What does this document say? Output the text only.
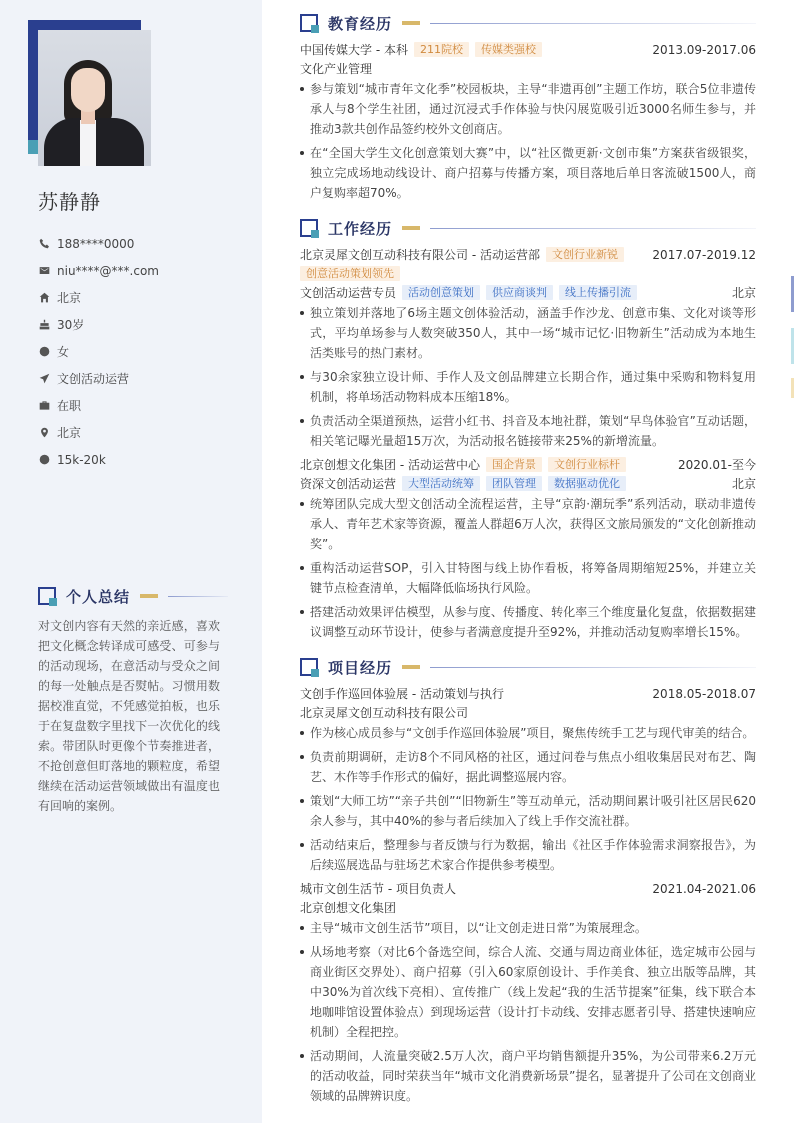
苏静静
188****0000
niu****@***.com
北京
30岁
女
文创活动运营
在职
北京
15k-20k
个人总结
对文创内容有天然的亲近感，喜欢把文化概念转译成可感受、可参与的活动现场，在意活动与受众之间的每一处触点是否熨帖。习惯用数据校准直觉，不凭感觉拍板，也乐于在复盘数字里找下一次优化的线索。带团队时更像个节奏推进者，不抢创意但盯落地的颗粒度，希望继续在活动运营领域做出有温度也有回响的案例。
教育经历
中国传媒大学 - 本科	211院校	传媒类强校	2013.09-2017.06
文化产业管理
参与策划“城市青年文化季”校园板块，主导“非遗再创”主题工作坊，联合5位非遗传承人与8个学生社团，通过沉浸式手作体验与快闪展览吸引近3000名师生参与，并推动3款共创作品签约校外文创商店。
在“全国大学生文化创意策划大赛”中，以“社区微更新·文创市集”方案获省级银奖，独立完成场地动线设计、商户招募与传播方案，项目落地后单日客流破1500人，商户复购率超70%。
工作经历
北京灵犀文创互动科技有限公司 - 活动运营部	文创行业新锐	2017.07-2019.12
创意活动策划领先
文创活动运营专员	活动创意策划	供应商谈判	线上传播引流	北京
独立策划并落地了6场主题文创体验活动，涵盖手作沙龙、创意市集、文化对谈等形式，平均单场参与人数突破350人，其中一场“城市记忆·旧物新生”活动成为本地生活类账号的热门素材。
与30余家独立设计师、手作人及文创品牌建立长期合作，通过集中采购和物料复用机制，将单场活动物料成本压缩18%。
负责活动全渠道预热，运营小红书、抖音及本地社群，策划“早鸟体验官”互动话题，相关笔记曝光量超15万次，为活动报名链接带来25%的新增流量。
北京创想文化集团 - 活动运营中心	国企背景	文创行业标杆	2020.01-至今
资深文创活动运营	大型活动统筹	团队管理	数据驱动优化	北京
统筹团队完成大型文创活动全流程运营，主导“京韵·潮玩季”系列活动，联动非遗传承人、青年艺术家等资源，覆盖人群超6万人次，获得区文旅局颁发的“文化创新推动奖”。
重构活动运营SOP，引入甘特图与线上协作看板，将筹备周期缩短25%，并建立关键节点检查清单，大幅降低临场执行风险。
搭建活动效果评估模型，从参与度、传播度、转化率三个维度量化复盘，依据数据建议调整互动环节设计，使参与者满意度提升至92%，并推动活动复购率增长15%。
项目经历
文创手作巡回体验展 - 活动策划与执行	2018.05-2018.07
北京灵犀文创互动科技有限公司
作为核心成员参与“文创手作巡回体验展”项目，聚焦传统手工艺与现代审美的结合。
负责前期调研，走访8个不同风格的社区，通过问卷与焦点小组收集居民对布艺、陶艺、木作等手作形式的偏好，据此调整巡展内容。
策划“大师工坊”“亲子共创”“旧物新生”等互动单元，活动期间累计吸引社区居民620余人参与，其中40%的参与者后续加入了线上手作交流社群。
活动结束后，整理参与者反馈与行为数据，输出《社区手作体验需求洞察报告》，为后续巡展选品与驻场艺术家合作提供参考模型。
城市文创生活节 - 项目负责人	2021.04-2021.06
北京创想文化集团
主导“城市文创生活节”项目，以“让文创走进日常”为策展理念。
从场地考察（对比6个备选空间，综合人流、交通与周边商业体征，选定城市公园与商业街区交界处）、商户招募（引入60家原创设计、手作美食、独立出版等品牌，其中30%为首次线下亮相）、宣传推广（线上发起“我的生活节提案”征集，线下联合本地咖啡馆设置体验点）到现场运营（设计打卡动线、安排志愿者引导、搭建快速响应机制）全程把控。
活动期间，人流量突破2.5万人次，商户平均销售额提升35%，为公司带来6.2万元的活动收益，同时荣获当年“城市文化消费新场景”提名，显著提升了公司在文创商业领域的品牌辨识度。
